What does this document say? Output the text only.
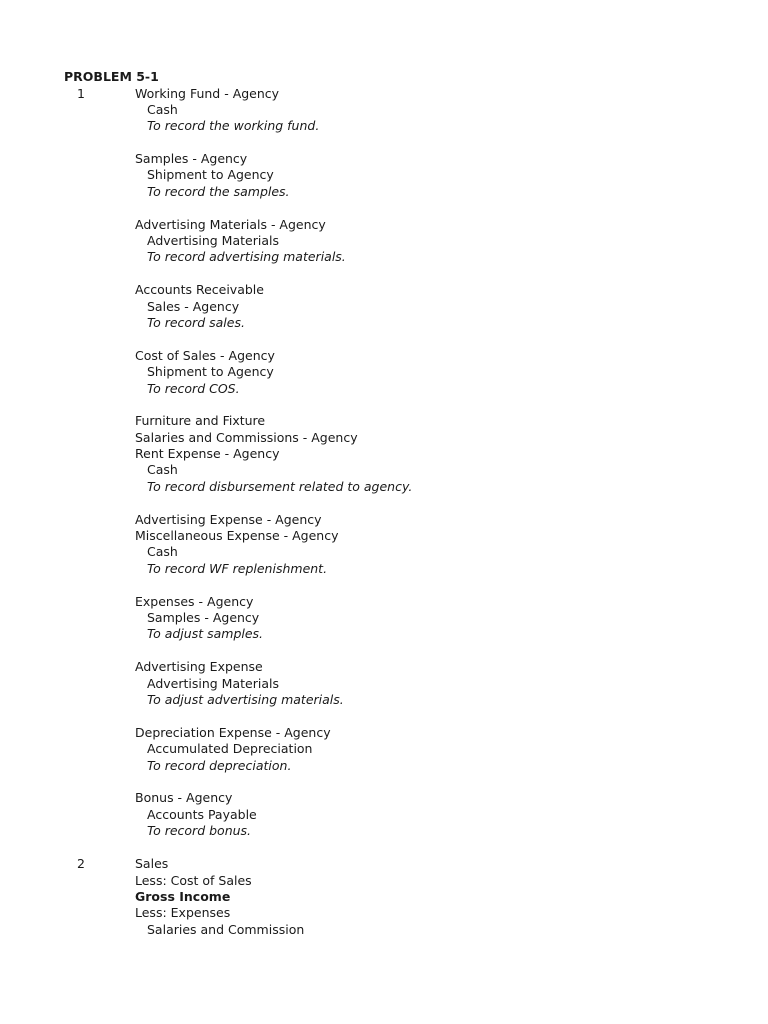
PROBLEM 5-1
1	Working Fund - Agency
Cash
To record the working fund.
Samples - Agency
Shipment to Agency
To record the samples.
Advertising Materials - Agency
Advertising Materials
To record advertising materials.
Accounts Receivable
Sales - Agency
To record sales.
Cost of Sales - Agency
Shipment to Agency
To record COS.
Furniture and Fixture
Salaries and Commissions - Agency
Rent Expense - Agency
Cash
To record disbursement related to agency.
Advertising Expense - Agency
Miscellaneous Expense - Agency
Cash
To record WF replenishment.
Expenses - Agency
Samples - Agency
To adjust samples.
Advertising Expense
Advertising Materials
To adjust advertising materials.
Depreciation Expense - Agency
Accumulated Depreciation
To record depreciation.
Bonus - Agency
Accounts Payable
To record bonus.
2	Sales
Less: Cost of Sales
Gross Income
Less: Expenses
Salaries and Commission
